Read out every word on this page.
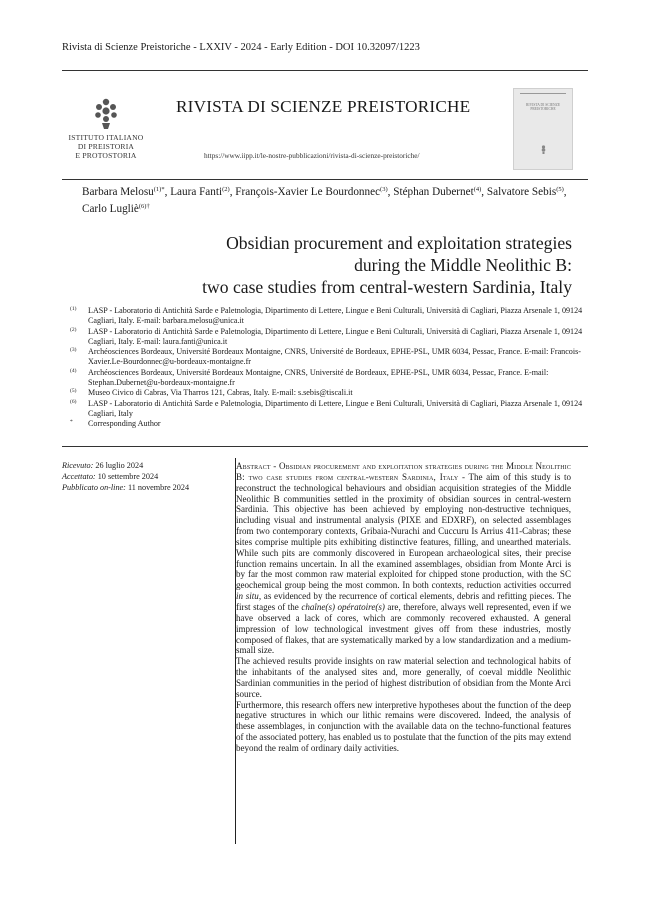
Rivista di Scienze Preistoriche - LXXIV - 2024 - Early Edition - DOI 10.32097/1223
ISTITUTO ITALIANO
DI PREISTORIA
E PROTOSTORIA
RIVISTA DI SCIENZE PREISTORICHE
https://www.iipp.it/le-nostre-pubblicazioni/rivista-di-scienze-preistoriche/
RIVISTA DI SCIENZE PREISTORICHE
Barbara Melosu$^{(1)*}$, Laura Fanti$^{(2)}$, François-Xavier Le Bourdonnec$^{(3)}$, Stéphan Dubernet$^{(4)}$, Salvatore Sebis$^{(5)}$, Carlo Lugliè$^{(6)\dagger}$
Obsidian procurement and exploitation strategies
during the Middle Neolithic B:
two case studies from central-western Sardinia, Italy
(1) LASP - Laboratorio di Antichità Sarde e Paletnologia, Dipartimento di Lettere, Lingue e Beni Culturali, Università di Cagliari, Piazza Arsenale 1, 09124 Cagliari, Italy. E-mail: barbara.melosu@unica.it
(2) LASP - Laboratorio di Antichità Sarde e Paletnologia, Dipartimento di Lettere, Lingue e Beni Culturali, Università di Cagliari, Piazza Arsenale 1, 09124 Cagliari, Italy. E-mail: laura.fanti@unica.it
(3) Archéosciences Bordeaux, Université Bordeaux Montaigne, CNRS, Université de Bordeaux, EPHE-PSL, UMR 6034, Pessac, France. E-mail: Francois-Xavier.Le-Bourdonnec@u-bordeaux-montaigne.fr
(4) Archéosciences Bordeaux, Université Bordeaux Montaigne, CNRS, Université de Bordeaux, EPHE-PSL, UMR 6034, Pessac, France. E-mail: Stephan.Dubernet@u-bordeaux-montaigne.fr
(5) Museo Civico di Cabras, Via Tharros 121, Cabras, Italy. E-mail: s.sebis@tiscali.it
(6) LASP - Laboratorio di Antichità Sarde e Paletnologia, Dipartimento di Lettere, Lingue e Beni Culturali, Università di Cagliari, Piazza Arsenale 1, 09124 Cagliari, Italy
* Corresponding Author
Ricevuto: 26 luglio 2024
Accettato: 10 settembre 2024
Pubblicato on-line: 11 novembre 2024

Abstract - Obsidian procurement and exploitation strategies during the Middle Neolithic B: two case studies from central-western Sardinia, Italy - The aim of this study is to reconstruct the technological behaviours and obsidian acquisition strategies of the Middle Neolithic B communities settled in the proximity of obsidian sources in central-western Sardinia. This objective has been achieved by employing non-destructive techniques, including visual and instrumental analysis (PIXE and EDXRF), on selected assemblages from two contemporary contexts, Gribaia-Nurachi and Cuccuru Is Arrius 411-Cabras; these sites comprise multiple pits exhibiting distinctive features, filling, and unearthed materials. While such pits are commonly discovered in European archaeological sites, their precise function remains uncertain. In all the examined assemblages, obsidian from Monte Arci is by far the most common raw material exploited for chipped stone production, with the SC geochemical group being the most common. In both contexts, reduction activities occurred in situ, as evidenced by the recurrence of cortical elements, debris and refitting pieces. The first stages of the chaîne(s) opératoire(s) are, therefore, always well represented, even if we have observed a lack of cores, which are commonly recovered exhausted. A general impression of low technological investment gives off from these industries, mostly composed of flakes, that are systematically marked by a low standardization and a medium-small size.

The achieved results provide insights on raw material selection and technological habits of the inhabitants of the analysed sites and, more generally, of coeval middle Neolithic Sardinian communities in the period of highest distribution of obsidian from the Monte Arci source.

Furthermore, this research offers new interpretive hypotheses about the function of the deep negative structures in which our lithic remains were discovered. Indeed, the analysis of these assemblages, in conjunction with the available data on the techno-functional features of the associated pottery, has enabled us to postulate that the function of the pits may extend beyond the realm of ordinary daily activities.
